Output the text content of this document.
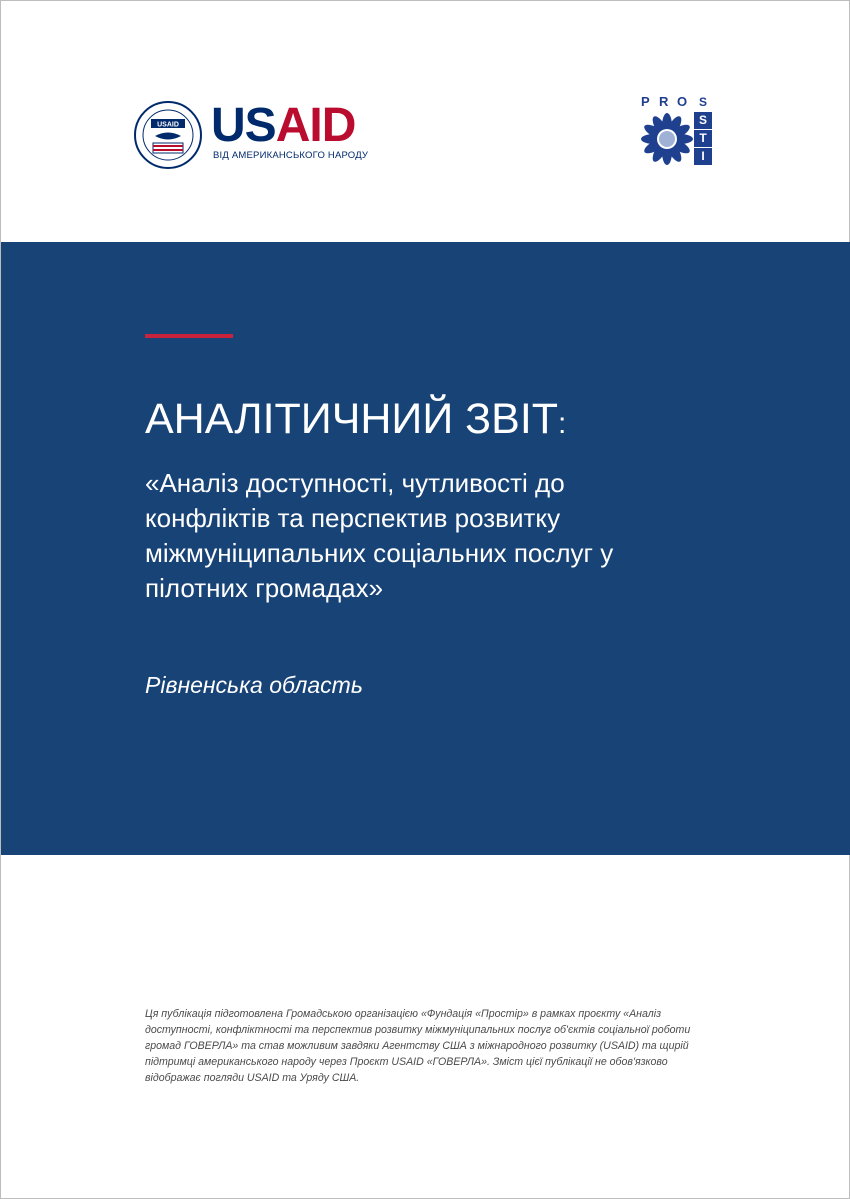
USAID USAID
ВІД АМЕРИКАНСЬКОГО НАРОДУ
P R O S
S
T
I
АНАЛІТИЧНИЙ ЗВІТ:
«Аналіз доступності, чутливості до конфліктів та перспектив розвитку міжмуніципальних соціальних послуг у пілотних громадах»
Рівненська область
Ця публікація підготовлена Громадською організацією «Фундація «Простір» в рамках проєкту «Аналіз доступності, конфліктності та перспектив розвитку міжмуніципальних послуг об'єктів соціальної роботи громад ГОВЕРЛА» та став можливим завдяки Агентству США з міжнародного розвитку (USAID) та щирій підтримці американського народу через Проєкт USAID «ГОВЕРЛА». Зміст цієї публікації не обов'язково відображає погляди USAID та Уряду США.
